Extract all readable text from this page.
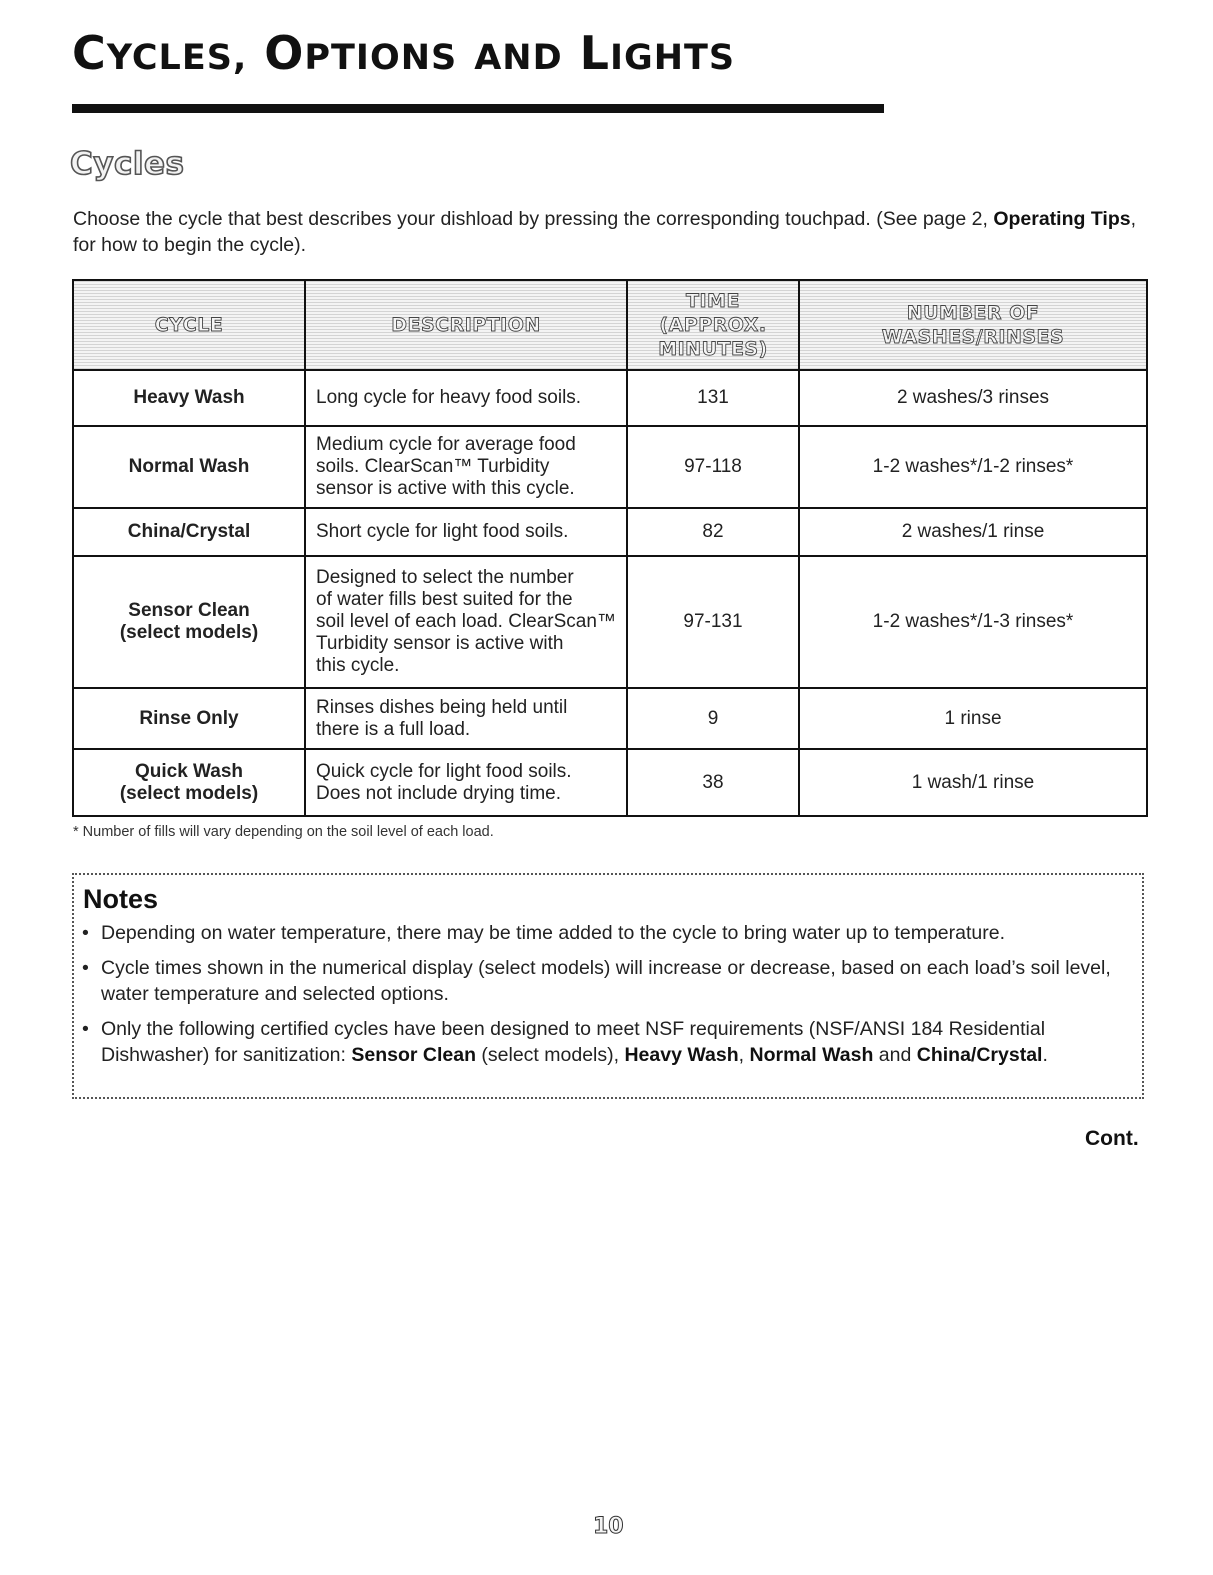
CYCLES, OPTIONS AND LIGHTS
Cycles

Choose the cycle that best describes your dishload by pressing the corresponding touchpad. (See page 2, Operating Tips, for how to begin the cycle).

CYCLE	DESCRIPTION	TIME
(APPROX.
MINUTES)	NUMBER OF
WASHES/RINSES
Heavy Wash	Long cycle for heavy food soils.	131	2 washes/3 rinses
Normal Wash	Medium cycle for average food
soils. ClearScan™ Turbidity
sensor is active with this cycle.	97-118	1-2 washes*/1-2 rinses*
China/Crystal	Short cycle for light food soils.	82	2 washes/1 rinse
Sensor Clean
(select models)	Designed to select the number
of water fills best suited for the
soil level of each load. ClearScan™
Turbidity sensor is active with
this cycle.	97-131	1-2 washes*/1-3 rinses*
Rinse Only	Rinses dishes being held until
there is a full load.	9	1 rinse
Quick Wash
(select models)	Quick cycle for light food soils.
Does not include drying time.	38	1 wash/1 rinse

* Number of fills will vary depending on the soil level of each load.

Notes
• Depending on water temperature, there may be time added to the cycle to bring water up to temperature.
• Cycle times shown in the numerical display (select models) will increase or decrease, based on each load’s soil level, water temperature and selected options.
• Only the following certified cycles have been designed to meet NSF requirements (NSF/ANSI 184 Residential Dishwasher) for sanitization: Sensor Clean (select models), Heavy Wash, Normal Wash and China/Crystal.

Cont.

10
